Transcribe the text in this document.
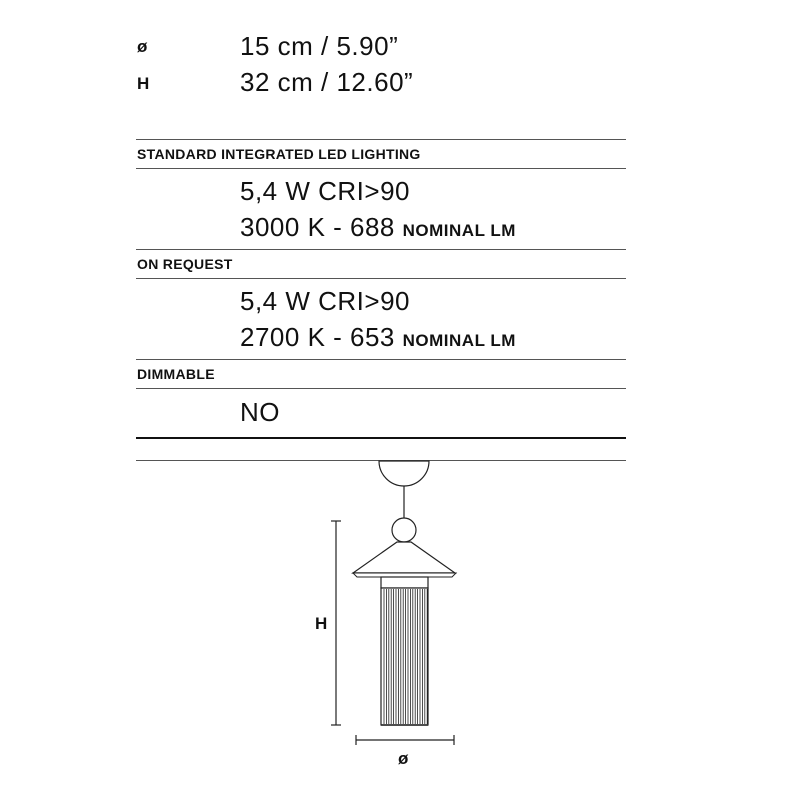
ø	15 cm / 5.90”
H	32 cm / 12.60”
STANDARD INTEGRATED LED LIGHTING
5,4 W CRI>90
3000 K - 688 NOMINAL LM
ON REQUEST
5,4 W CRI>90
2700 K - 653 NOMINAL LM
DIMMABLE
NO
H
ø
